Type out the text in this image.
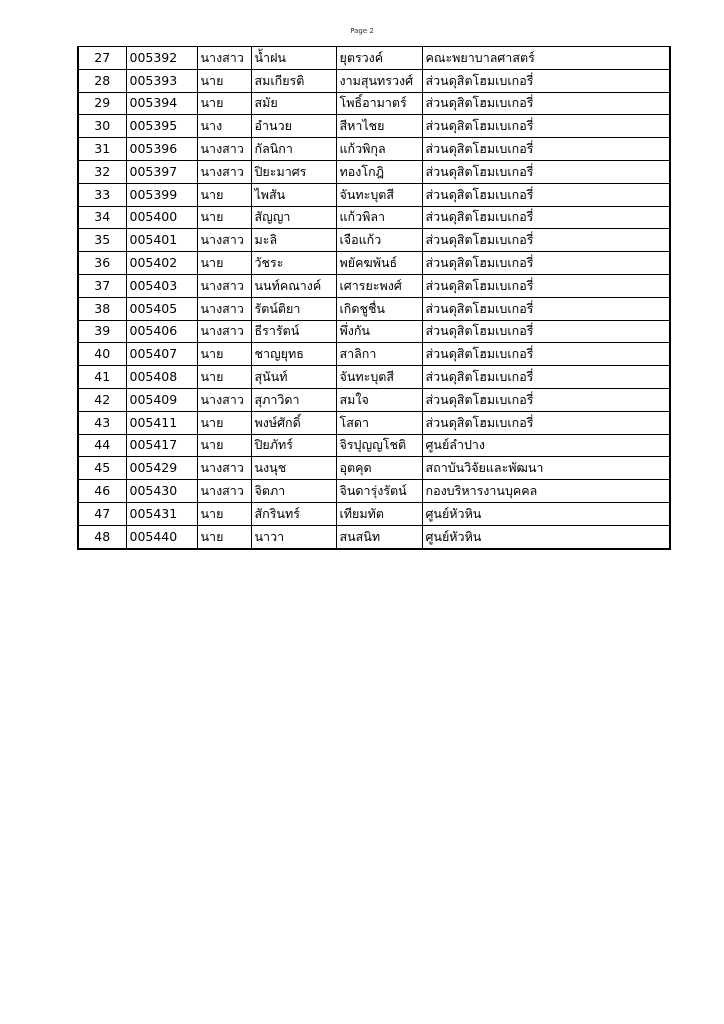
Page 2
27	005392	นางสาว	น้ำฝน	ยุตรวงค์	คณะพยาบาลศาสตร์
28	005393	นาย	สมเกียรติ	งามสุนทรวงศ์	ส่วนดุสิตโฮมเบเกอรี่
29	005394	นาย	สมัย	โพธิ์อามาตร์	ส่วนดุสิตโฮมเบเกอรี่
30	005395	นาง	อำนวย	สีหาไชย	ส่วนดุสิตโฮมเบเกอรี่
31	005396	นางสาว	กัลนิกา	แก้วพิกุล	ส่วนดุสิตโฮมเบเกอรี่
32	005397	นางสาว	ปิยะมาศร	ทองโกฎิ	ส่วนดุสิตโฮมเบเกอรี่
33	005399	นาย	ไพสัน	จันทะบุตสี	ส่วนดุสิตโฮมเบเกอรี่
34	005400	นาย	สัญญา	แก้วพิลา	ส่วนดุสิตโฮมเบเกอรี่
35	005401	นางสาว	มะลิ	เจือแก้ว	ส่วนดุสิตโฮมเบเกอรี่
36	005402	นาย	วัชระ	พยัคฆพันธ์	ส่วนดุสิตโฮมเบเกอรี่
37	005403	นางสาว	นนท์คณางค์	เศารยะพงศ์	ส่วนดุสิตโฮมเบเกอรี่
38	005405	นางสาว	รัตน์ติยา	เกิดชูชื่น	ส่วนดุสิตโฮมเบเกอรี่
39	005406	นางสาว	ธีรารัตน์	พึ่งกัน	ส่วนดุสิตโฮมเบเกอรี่
40	005407	นาย	ชาญยุทธ	สาลิกา	ส่วนดุสิตโฮมเบเกอรี่
41	005408	นาย	สุนันท์	จันทะบุตสี	ส่วนดุสิตโฮมเบเกอรี่
42	005409	นางสาว	สุภาวิดา	สมใจ	ส่วนดุสิตโฮมเบเกอรี่
43	005411	นาย	พงษ์ศักดิ์	โสดา	ส่วนดุสิตโฮมเบเกอรี่
44	005417	นาย	ปิยภัทร์	จิรปุญญโชติ	ศูนย์ลำปาง
45	005429	นางสาว	นงนุช	อุตคุด	สถาบันวิจัยและพัฒนา
46	005430	นางสาว	จิตภา	จินดารุ่งรัตน์	กองบริหารงานบุคคล
47	005431	นาย	สักรินทร์	เทียมทัต	ศูนย์หัวหิน
48	005440	นาย	นาวา	สนสนิท	ศูนย์หัวหิน
